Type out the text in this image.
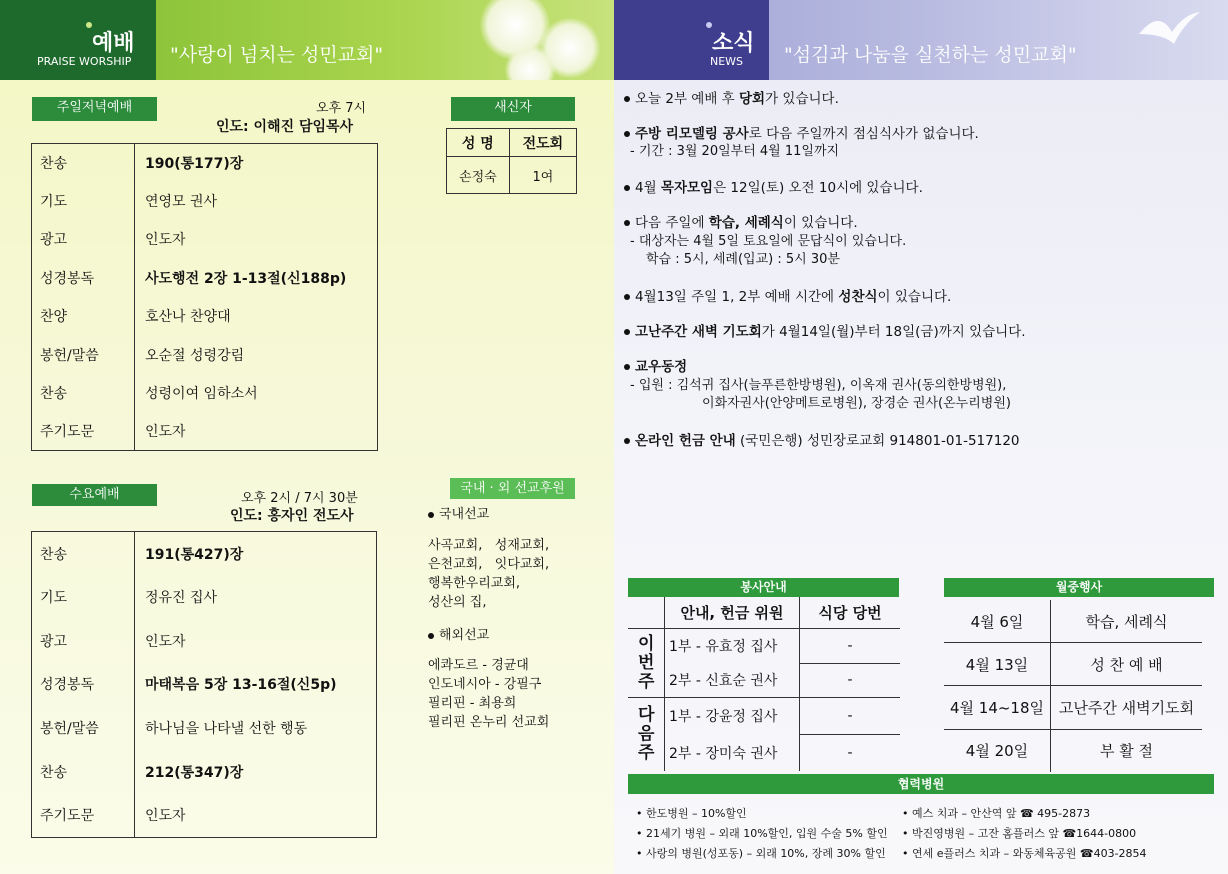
예배
PRAISE WORSHIP "사랑이 넘치는 성민교회"	소식
NEWS "섬김과 나눔을 실천하는 성민교회"
주일저녁예배	오후 7시
인도: 이해진 담임목사
찬송	190(통177)장
기도	연영모 권사
광고	인도자
성경봉독	사도행전 2장 1-13절(신188p)
찬양	호산나 찬양대
봉헌/말씀	오순절 성령강림
찬송	성령이여 임하소서
주기도문	인도자
새신자
성 명	전도회
손정숙	1여
수요예배	오후 2시 / 7시 30분
인도: 홍자인 전도사
찬송	191(통427)장
기도	정유진 집사
광고	인도자
성경봉독	마태복음 5장 13-16절(신5p)
봉헌/말씀	하나님을 나타낼 선한 행동
찬송	212(통347)장
주기도문	인도자
국내 · 외 선교후원
국내선교
사곡교회,   성재교회,
은천교회,   잇다교회,
행복한우리교회,
성산의 집,
해외선교
에콰도르 - 경균대
인도네시아 - 강필구
필리핀 - 최용희
필리핀 온누리 선교회
오늘 2부 예배 후 당회가 있습니다.
주방 리모델링 공사로 다음 주일까지 점심식사가 없습니다.
- 기간 : 3월 20일부터 4월 11일까지
4월 목자모임은 12일(토) 오전 10시에 있습니다.
다음 주일에 학습, 세례식이 있습니다.
- 대상자는 4월 5일 토요일에 문답식이 있습니다.
학습 : 5시, 세례(입교) : 5시 30분
4월13일 주일 1, 2부 예배 시간에 성찬식이 있습니다.
고난주간 새벽 기도회가 4월14일(월)부터 18일(금)까지 있습니다.
교우동정
- 입원 : 김석귀 집사(늘푸른한방병원), 이옥재 권사(동의한방병원),
이화자권사(안양메트로병원), 장경순 권사(온누리병원)
온라인 헌금 안내 (국민은행) 성민장로교회 914801-01-517120
봉사안내
	안내, 헌금 위원	식당 당번

이번주	1부 - 유효정 집사	-
	2부 - 신효순 권사	-

다음주	1부 - 강윤정 집사	-
	2부 - 장미숙 권사	-
월중행사
4월 6일	학습, 세례식
4월 13일	성 찬 예 배
4월 14~18일	고난주간 새벽기도회
4월 20일	부 활 절
협력병원
• 한도병원 – 10%할인
• 21세기 병원 – 외래 10%할인, 입원 수술 5% 할인
• 사랑의 병원(성포동) – 외래 10%, 장례 30% 할인
• 예스 치과 – 안산역 앞 ☎ 495-2873
• 박진영병원 – 고잔 홈플러스 앞 ☎1644-0800
• 연세 e플러스 치과 – 와동체육공원 ☎403-2854
